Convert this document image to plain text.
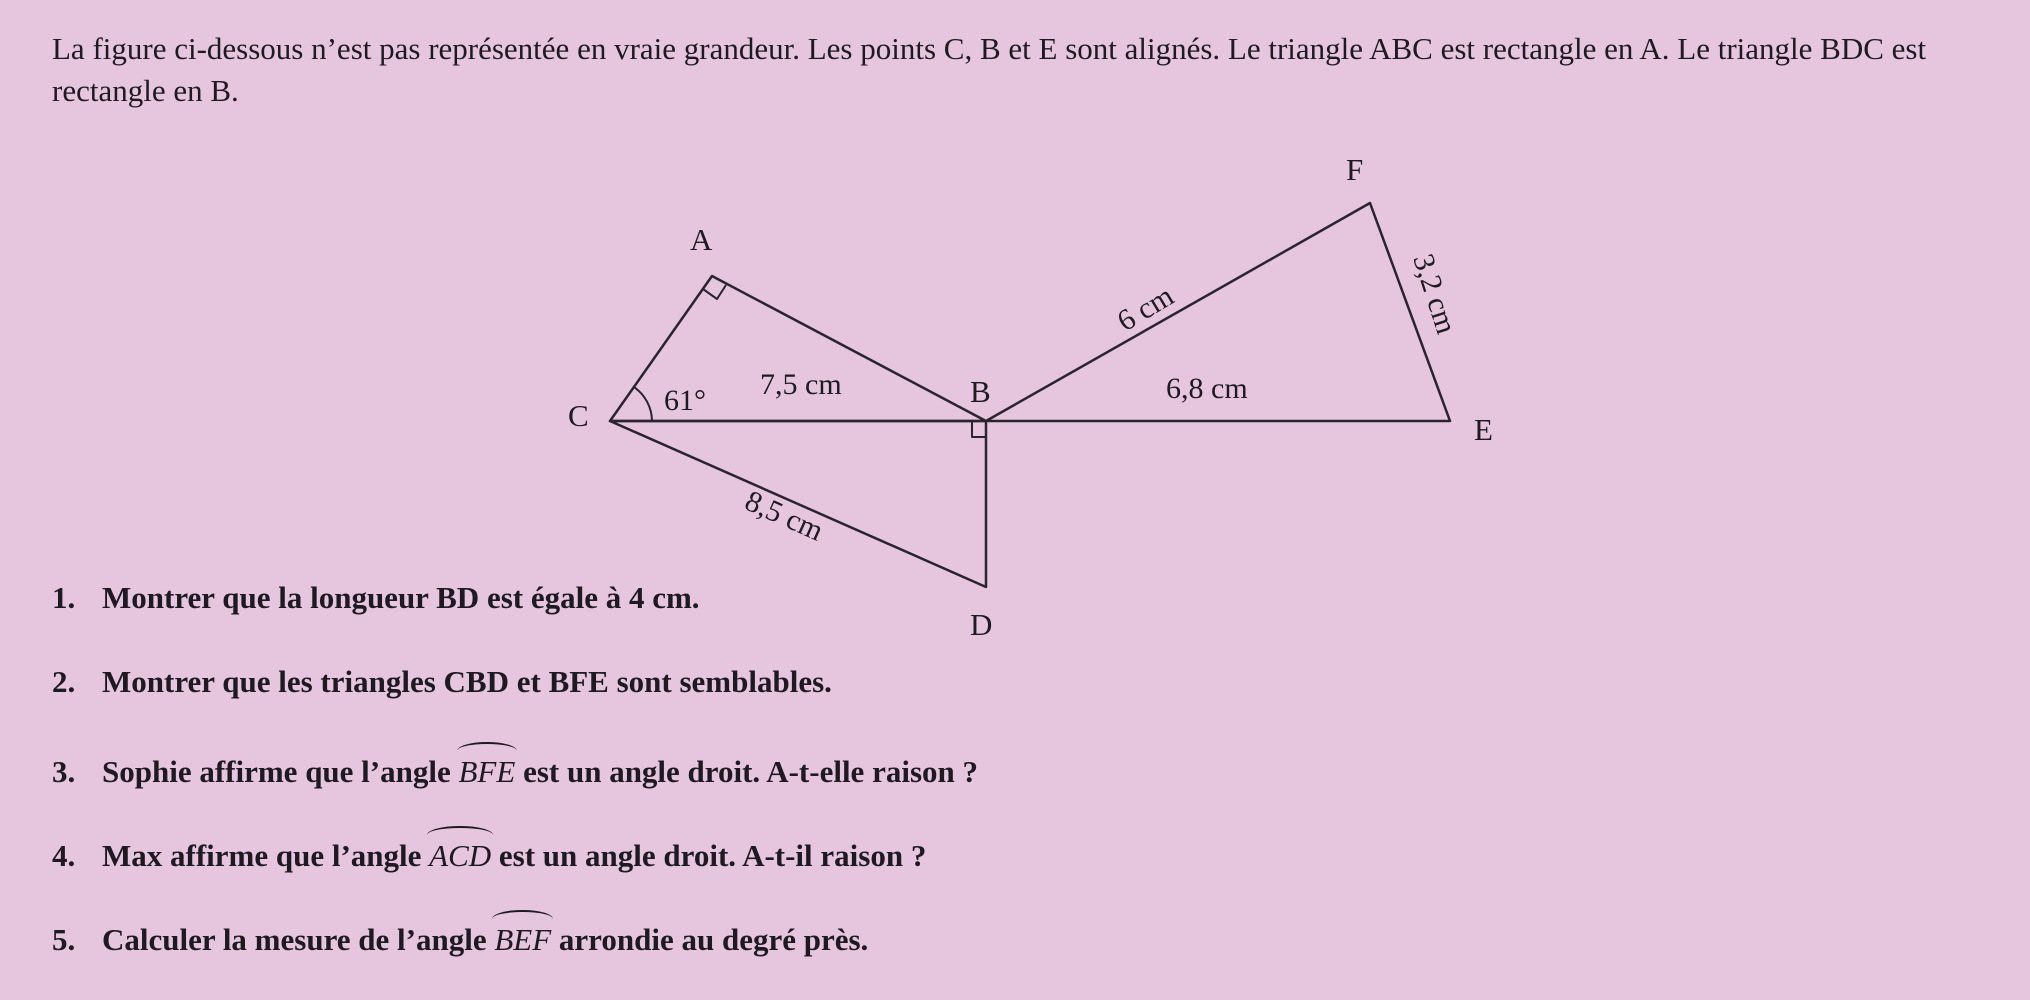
La figure ci-dessous n’est pas représentée en vraie grandeur. Les points C, B et E sont alignés. Le triangle ABC est rectangle en A. Le triangle BDC est rectangle en B.

A
C
B
D
F
E
61° 7,5 cm
8,5 cm
6 cm	3,2 cm
6,8 cm

1. Montrer que la longueur BD est égale à 4 cm.

2. Montrer que les triangles CBD et BFE sont semblables.

3. Sophie affirme que l’angle BFE est un angle droit. A-t-elle raison ?

4. Max affirme que l’angle ACD est un angle droit. A-t-il raison ?

5. Calculer la mesure de l’angle BEF arrondie au degré près.
